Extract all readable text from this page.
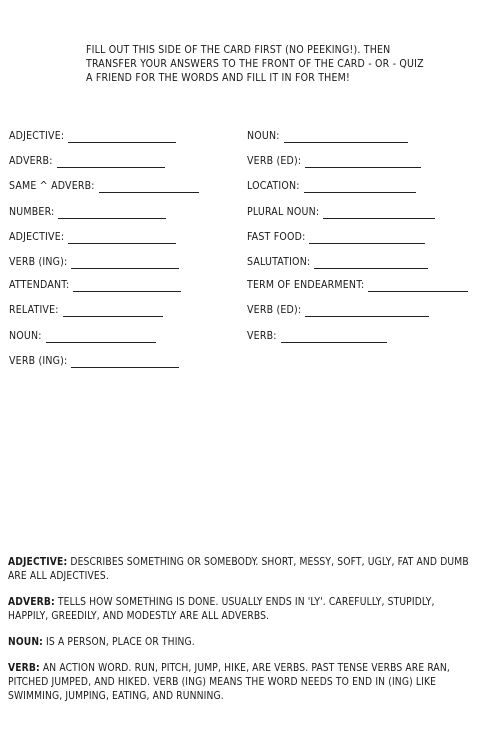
FILL OUT THIS SIDE OF THE CARD FIRST (NO PEEKING!). THEN TRANSFER YOUR ANSWERS TO THE FRONT OF THE CARD - OR - QUIZ A FRIEND FOR THE WORDS AND FILL IT IN FOR THEM!
ADJECTIVE:
ADVERB:
SAME ^ ADVERB:
NUMBER:
ADJECTIVE:
VERB (ING):
ATTENDANT:
RELATIVE:
NOUN:
VERB (ING):
NOUN:
VERB (ED):
LOCATION:
PLURAL NOUN:
FAST FOOD:
SALUTATION:
TERM OF ENDEARMENT:
VERB (ED):
VERB:

ADJECTIVE: DESCRIBES SOMETHING OR SOMEBODY. SHORT, MESSY, SOFT, UGLY, FAT AND DUMB ARE ALL ADJECTIVES.

ADVERB: TELLS HOW SOMETHING IS DONE. USUALLY ENDS IN 'LY'. CAREFULLY, STUPIDLY, HAPPILY, GREEDILY, AND MODESTLY ARE ALL ADVERBS.

NOUN: IS A PERSON, PLACE OR THING.

VERB: AN ACTION WORD. RUN, PITCH, JUMP, HIKE, ARE VERBS. PAST TENSE VERBS ARE RAN, PITCHED JUMPED, AND HIKED. VERB (ING) MEANS THE WORD NEEDS TO END IN (ING) LIKE SWIMMING, JUMPING, EATING, AND RUNNING.
